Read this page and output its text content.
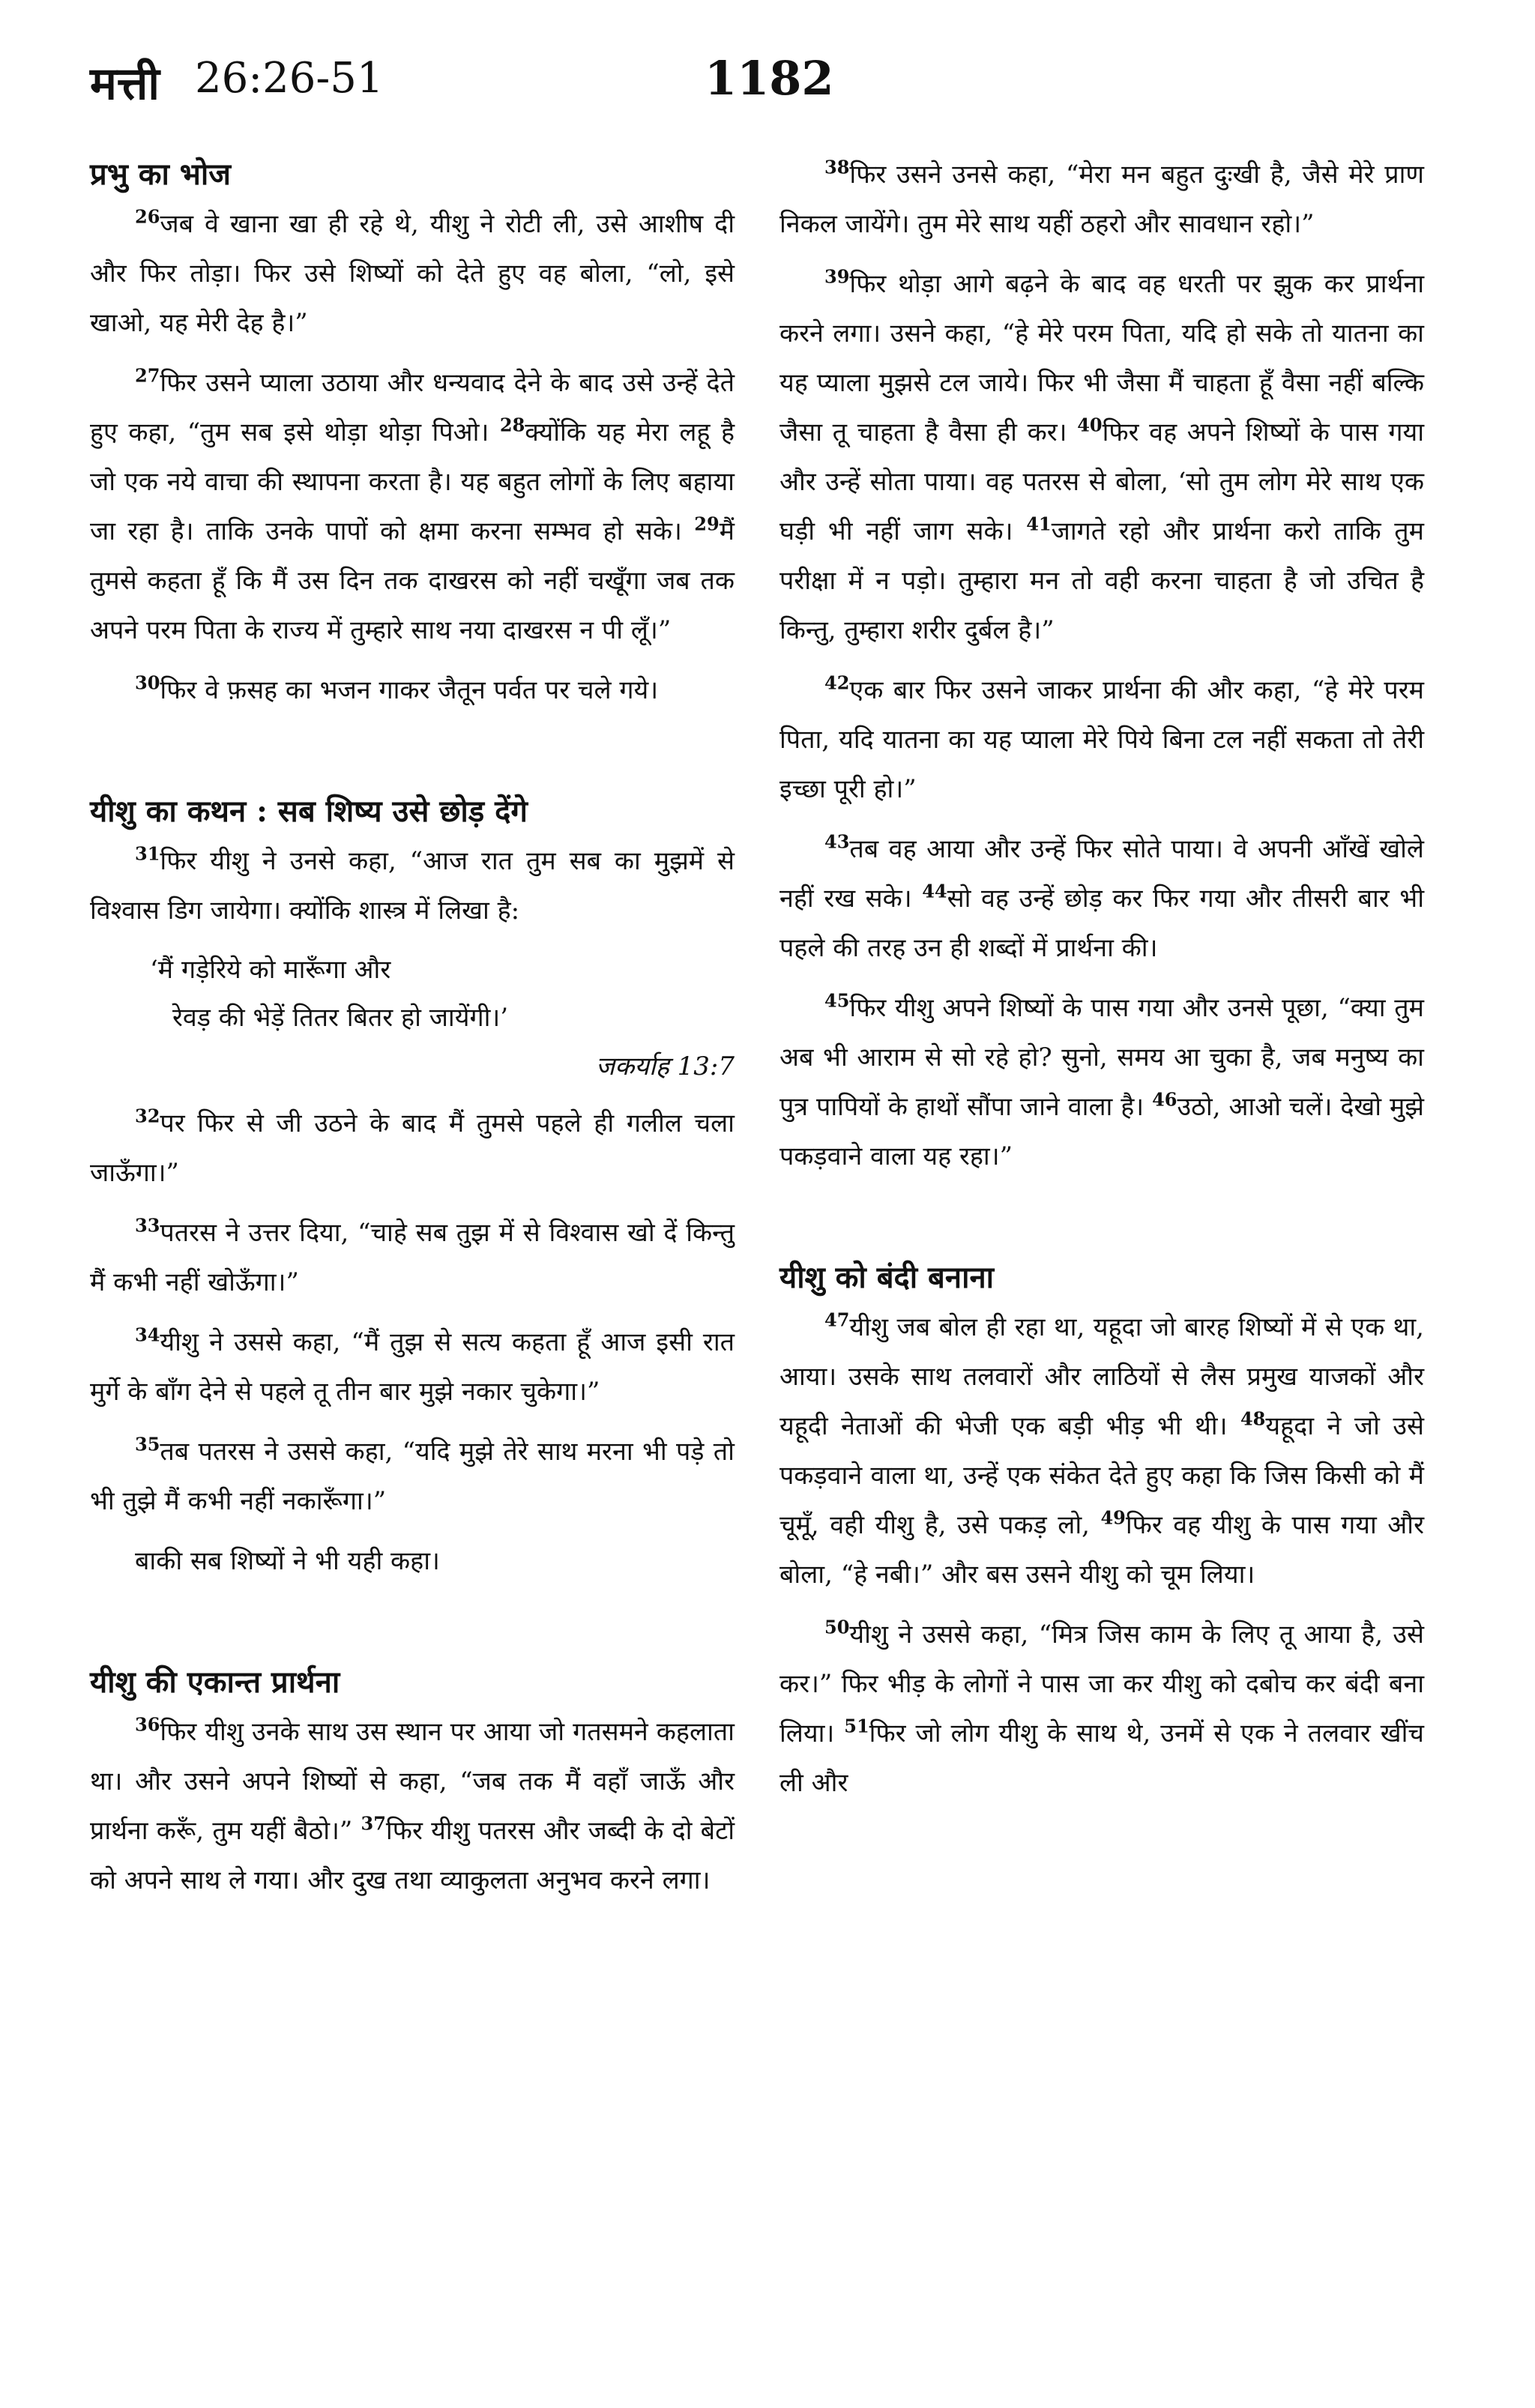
मत्ती 26:26-51	1182
प्रभु का भोज

$^{26}$जब वे खाना खा ही रहे थे, यीशु ने रोटी ली, उसे आशीष दी और फिर तोड़ा। फिर उसे शिष्यों को देते हुए वह बोला, “लो, इसे खाओ, यह मेरी देह है।”

$^{27}$फिर उसने प्याला उठाया और धन्यवाद देने के बाद उसे उन्हें देते हुए कहा, “तुम सब इसे थोड़ा थोड़ा पिओ। $^{28}$क्योंकि यह मेरा लहू है जो एक नये वाचा की स्थापना करता है। यह बहुत लोगों के लिए बहाया जा रहा है। ताकि उनके पापों को क्षमा करना सम्भव हो सके। $^{29}$मैं तुमसे कहता हूँ कि मैं उस दिन तक दाखरस को नहीं चखूँगा जब तक अपने परम पिता के राज्य में तुम्हारे साथ नया दाखरस न पी लूँ।”

$^{30}$फिर वे फ़सह का भजन गाकर जैतून पर्वत पर चले गये।

यीशु का कथन : सब शिष्य उसे छोड़ देंगे

$^{31}$फिर यीशु ने उनसे कहा, “आज रात तुम सब का मुझमें से विश्वास डिग जायेगा। क्योंकि शास्त्र में लिखा है:

‘मैं गड़ेरिये को मारूँगा और
रेवड़ की भेड़ें तितर बितर हो जायेंगी।’

जकर्याह 13:7

$^{32}$पर फिर से जी उठने के बाद मैं तुमसे पहले ही गलील चला जाऊँगा।”

$^{33}$पतरस ने उत्तर दिया, “चाहे सब तुझ में से विश्वास खो दें किन्तु मैं कभी नहीं खोऊँगा।”

$^{34}$यीशु ने उससे कहा, “मैं तुझ से सत्य कहता हूँ आज इसी रात मुर्गे के बाँग देने से पहले तू तीन बार मुझे नकार चुकेगा।”

$^{35}$तब पतरस ने उससे कहा, “यदि मुझे तेरे साथ मरना भी पड़े तो भी तुझे मैं कभी नहीं नकारूँगा।”

बाकी सब शिष्यों ने भी यही कहा।

यीशु की एकान्त प्रार्थना

$^{36}$फिर यीशु उनके साथ उस स्थान पर आया जो गतसमने कहलाता था। और उसने अपने शिष्यों से कहा, “जब तक मैं वहाँ जाऊँ और प्रार्थना करूँ, तुम यहीं बैठो।” $^{37}$फिर यीशु पतरस और जब्दी के दो बेटों को अपने साथ ले गया। और दुख तथा व्याकुलता अनुभव करने लगा।

$^{38}$फिर उसने उनसे कहा, “मेरा मन बहुत दुःखी है, जैसे मेरे प्राण निकल जायेंगे। तुम मेरे साथ यहीं ठहरो और सावधान रहो।”

$^{39}$फिर थोड़ा आगे बढ़ने के बाद वह धरती पर झुक कर प्रार्थना करने लगा। उसने कहा, “हे मेरे परम पिता, यदि हो सके तो यातना का यह प्याला मुझसे टल जाये। फिर भी जैसा मैं चाहता हूँ वैसा नहीं बल्कि जैसा तू चाहता है वैसा ही कर। $^{40}$फिर वह अपने शिष्यों के पास गया और उन्हें सोता पाया। वह पतरस से बोला, ‘सो तुम लोग मेरे साथ एक घड़ी भी नहीं जाग सके। $^{41}$जागते रहो और प्रार्थना करो ताकि तुम परीक्षा में न पड़ो। तुम्हारा मन तो वही करना चाहता है जो उचित है किन्तु, तुम्हारा शरीर दुर्बल है।”

$^{42}$एक बार फिर उसने जाकर प्रार्थना की और कहा, “हे मेरे परम पिता, यदि यातना का यह प्याला मेरे पिये बिना टल नहीं सकता तो तेरी इच्छा पूरी हो।”

$^{43}$तब वह आया और उन्हें फिर सोते पाया। वे अपनी आँखें खोले नहीं रख सके। $^{44}$सो वह उन्हें छोड़ कर फिर गया और तीसरी बार भी पहले की तरह उन ही शब्दों में प्रार्थना की।

$^{45}$फिर यीशु अपने शिष्यों के पास गया और उनसे पूछा, “क्या तुम अब भी आराम से सो रहे हो? सुनो, समय आ चुका है, जब मनुष्य का पुत्र पापियों के हाथों सौंपा जाने वाला है। $^{46}$उठो, आओ चलें। देखो मुझे पकड़वाने वाला यह रहा।”

यीशु को बंदी बनाना

$^{47}$यीशु जब बोल ही रहा था, यहूदा जो बारह शिष्यों में से एक था, आया। उसके साथ तलवारों और लाठियों से लैस प्रमुख याजकों और यहूदी नेताओं की भेजी एक बड़ी भीड़ भी थी। $^{48}$यहूदा ने जो उसे पकड़वाने वाला था, उन्हें एक संकेत देते हुए कहा कि जिस किसी को मैं चूमूँ, वही यीशु है, उसे पकड़ लो, $^{49}$फिर वह यीशु के पास गया और बोला, “हे नबी।” और बस उसने यीशु को चूम लिया।

$^{50}$यीशु ने उससे कहा, “मित्र जिस काम के लिए तू आया है, उसे कर।” फिर भीड़ के लोगों ने पास जा कर यीशु को दबोच कर बंदी बना लिया। $^{51}$फिर जो लोग यीशु के साथ थे, उनमें से एक ने तलवार खींच ली और
